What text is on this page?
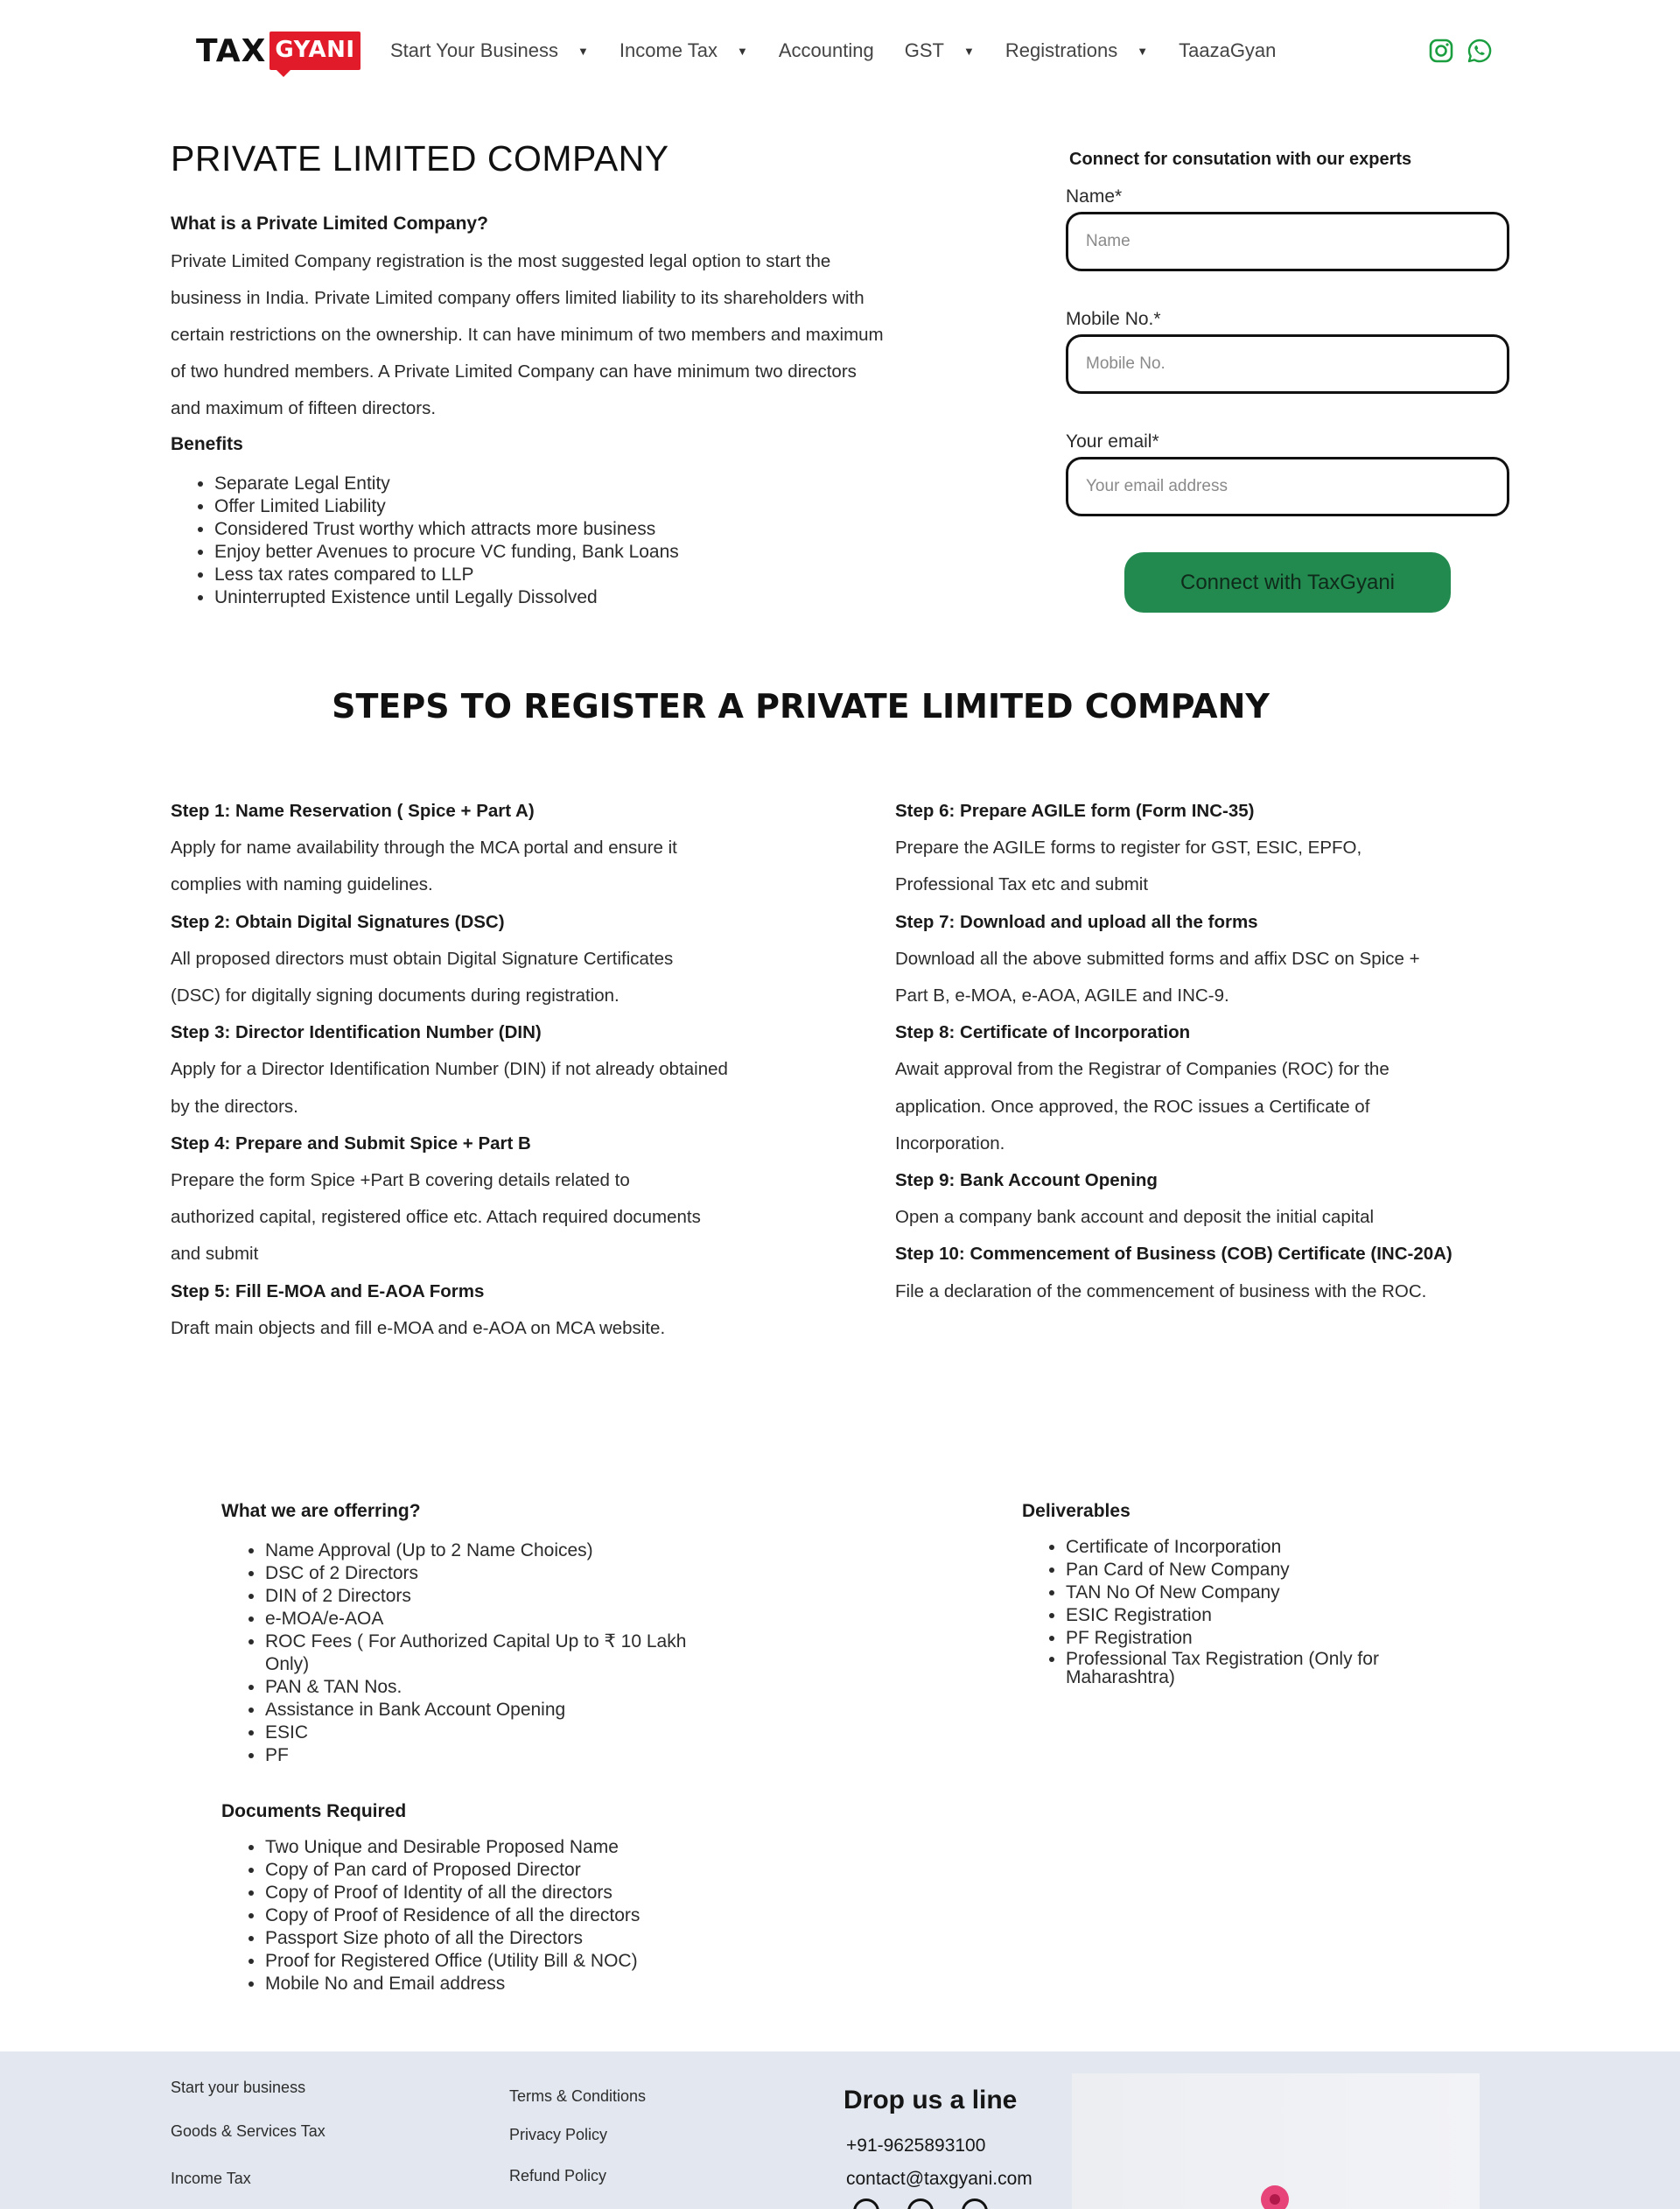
TAX GYANI Start Your Business ▼ Income Tax ▼ Accounting GST ▼ Registrations ▼ TaazaGyan
PRIVATE LIMITED COMPANY
What is a Private Limited Company?

Private Limited Company registration is the most suggested legal option to start the business in India. Private Limited company offers limited liability to its shareholders with certain restrictions on the ownership. It can have minimum of two members and maximum of two hundred members. A Private Limited Company can have minimum two directors and maximum of fifteen directors.

Benefits
• Separate Legal Entity
• Offer Limited Liability
• Considered Trust worthy which attracts more business
• Enjoy better Avenues to procure VC funding, Bank Loans
• Less tax rates compared to LLP
• Uninterrupted Existence until Legally Dissolved
Connect for consutation with our experts
Name*
Name
Mobile No.*
Mobile No.
Your email*
Your email address
Connect with TaxGyani
STEPS TO REGISTER A PRIVATE LIMITED COMPANY
Step 1: Name Reservation ( Spice + Part A)
Apply for name availability through the MCA portal and ensure it complies with naming guidelines.
Step 2: Obtain Digital Signatures (DSC)
All proposed directors must obtain Digital Signature Certificates (DSC) for digitally signing documents during registration.
Step 3: Director Identification Number (DIN)
Apply for a Director Identification Number (DIN) if not already obtained by the directors.
Step 4: Prepare and Submit Spice + Part B
Prepare the form Spice +Part B covering details related to authorized capital, registered office etc. Attach required documents and submit
Step 5: Fill E-MOA and E-AOA Forms
Draft main objects and fill e-MOA and e-AOA on MCA website.
Step 6: Prepare AGILE form (Form INC-35)
Prepare the AGILE forms to register for GST, ESIC, EPFO, Professional Tax etc and submit
Step 7: Download and upload all the forms
Download all the above submitted forms and affix DSC on Spice + Part B, e-MOA, e-AOA, AGILE and INC-9.
Step 8: Certificate of Incorporation
Await approval from the Registrar of Companies (ROC) for the application. Once approved, the ROC issues a Certificate of Incorporation.
Step 9: Bank Account Opening
Open a company bank account and deposit the initial capital
Step 10: Commencement of Business (COB) Certificate (INC-20A)
File a declaration of the commencement of business with the ROC.
What we are offerring?
• Name Approval (Up to 2 Name Choices)
• DSC of 2 Directors
• DIN of 2 Directors
• e-MOA/e-AOA
• ROC Fees ( For Authorized Capital Up to ₹ 10 Lakh Only)
• PAN & TAN Nos.
• Assistance in Bank Account Opening
• ESIC
• PF
Documents Required
• Two Unique and Desirable Proposed Name
• Copy of Pan card of Proposed Director
• Copy of Proof of Identity of all the directors
• Copy of Proof of Residence of all the directors
• Passport Size photo of all the Directors
• Proof for Registered Office (Utility Bill & NOC)
• Mobile No and Email address
Deliverables
• Certificate of Incorporation
• Pan Card of New Company
• TAN No Of New Company
• ESIC Registration
• PF Registration
• Professional Tax Registration (Only for Maharashtra)
Start your business
Goods & Services Tax
Income Tax
Terms & Conditions
Privacy Policy
Refund Policy
Drop us a line
+91-9625893100
contact@taxgyani.com
